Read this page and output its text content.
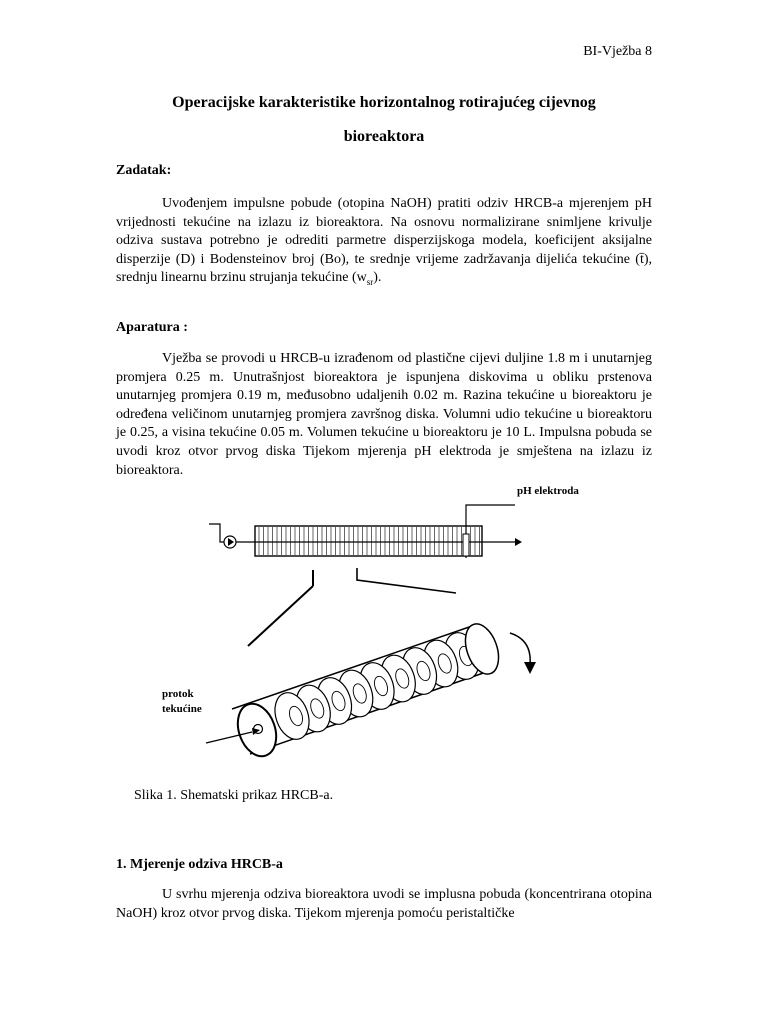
BI-Vježba 8
Operacijske karakteristike horizontalnog rotirajućeg cijevnog
bioreaktora
Zadatak:

Uvođenjem impulsne pobude (otopina NaOH) pratiti odziv HRCB-a mjerenjem pH vrijednosti tekućine na izlazu iz bioreaktora. Na osnovu normalizirane snimljene krivulje odziva sustava potrebno je odrediti parmetre disperzijskoga modela, koeficijent aksijalne disperzije (D) i Bodensteinov broj (Bo), te srednje vrijeme zadržavanja dijelića tekućine (t̄), srednju linearnu brzinu strujanja tekućine $(w_{sr})$.

Aparatura :

Vježba se provodi u HRCB-u izrađenom od plastične cijevi duljine 1.8 m i unutarnjeg promjera 0.25 m. Unutrašnjost bioreaktora je ispunjena diskovima u obliku prstenova unutarnjeg promjera 0.19 m, međusobno udaljenih 0.02 m. Razina tekućine u bioreaktoru je određena veličinom unutarnjeg promjera završnog diska. Volumni udio tekućine u bioreaktoru je 0.25, a visina tekućine 0.05 m. Volumen tekućine u bioreaktoru je 10 L. Impulsna pobuda se uvodi kroz otvor prvog diska Tijekom mjerenja pH elektroda je smještena na izlazu iz bioreaktora.

pH elektroda
protok
tekućine
Slika 1. Shematski prikaz HRCB-a.
1. Mjerenje odziva HRCB-a

U svrhu mjerenja odziva bioreaktora uvodi se implusna pobuda (koncentrirana otopina NaOH) kroz otvor prvog diska. Tijekom mjerenja pomoću peristaltičke
